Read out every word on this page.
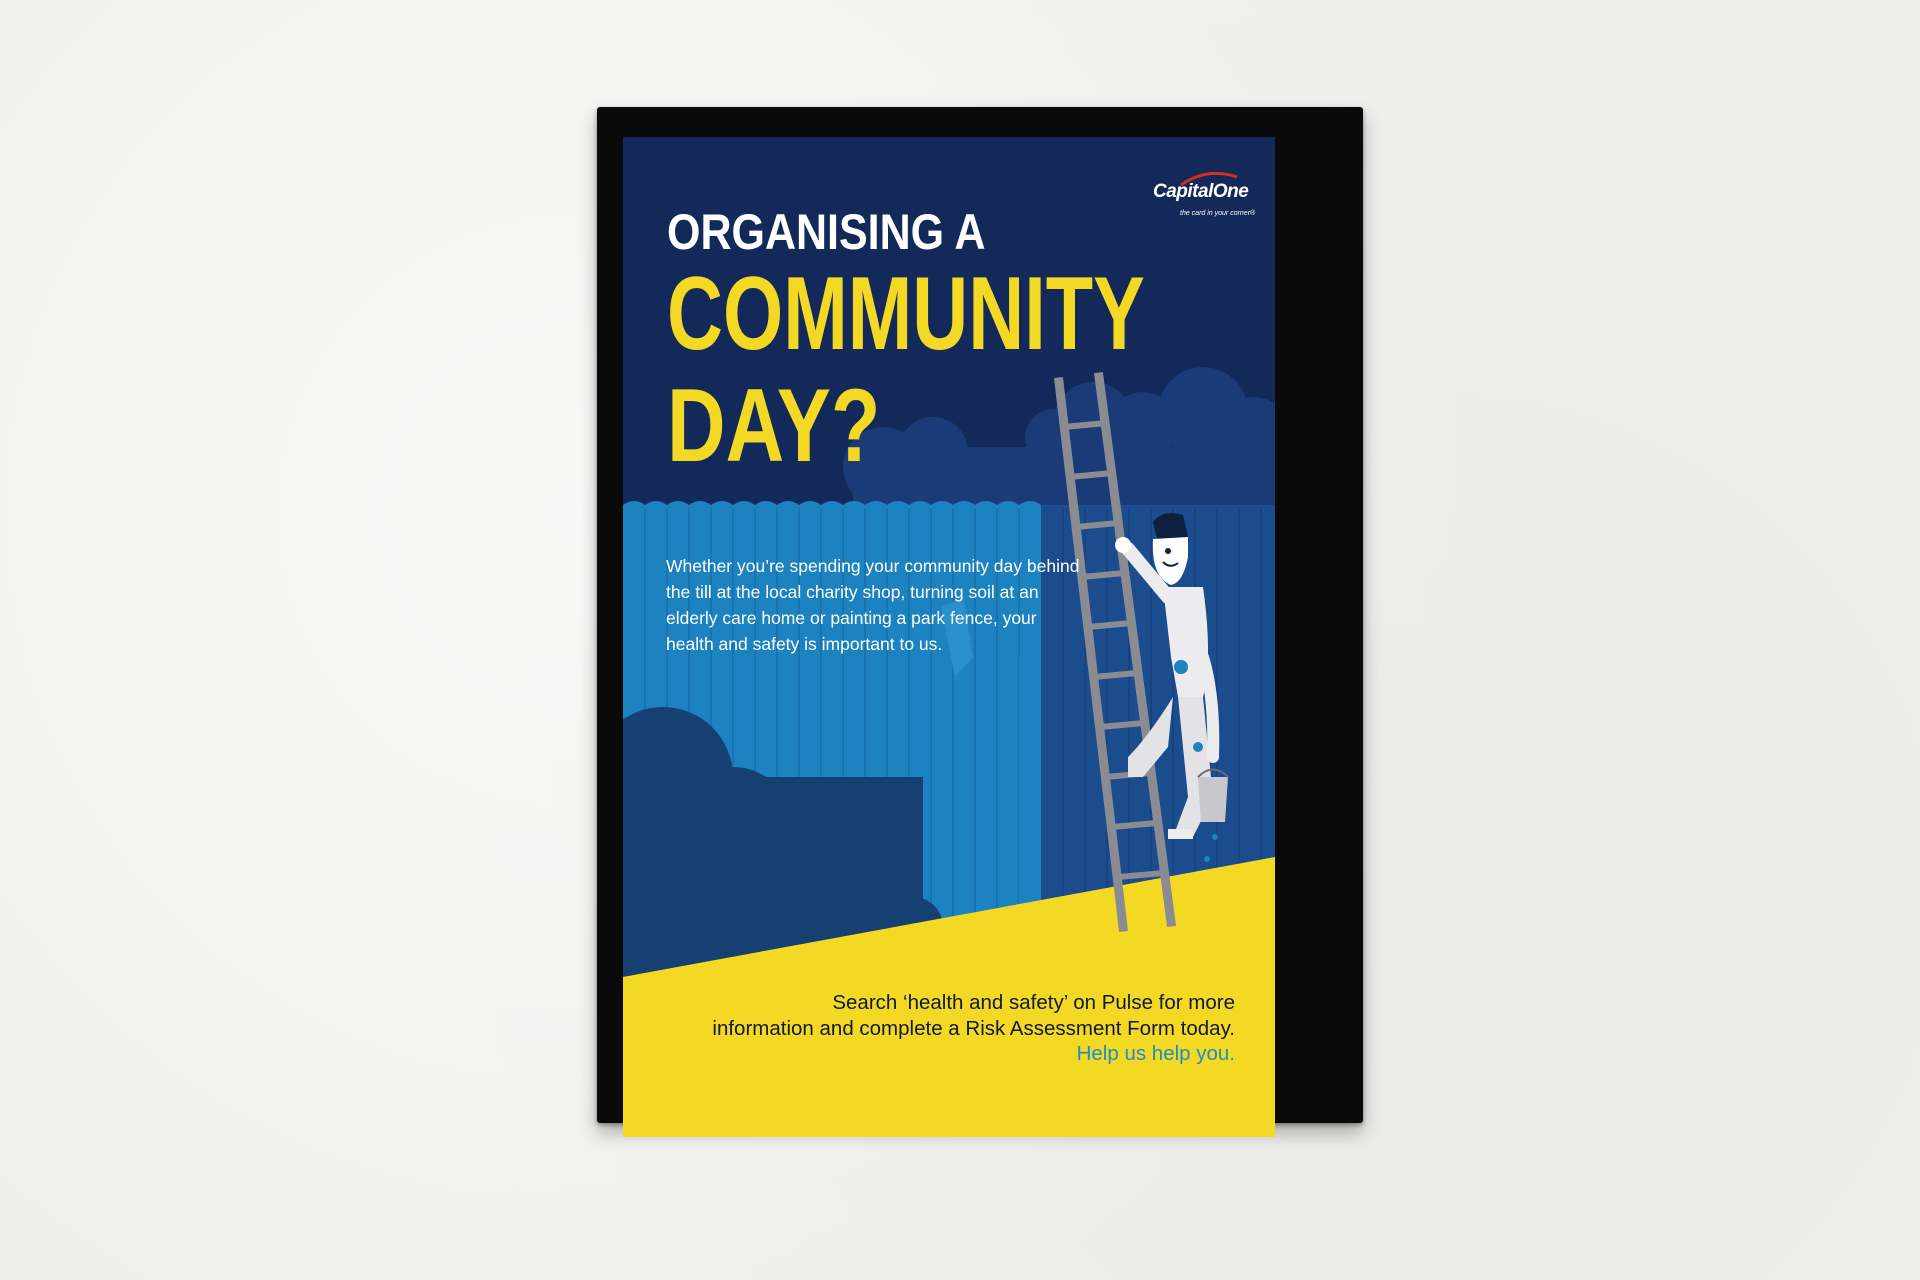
ORGANISING A
COMMUNITY
DAY?
CapitalOne
the card in your corner®

Whether you’re spending your community day behind the till at the local charity shop, turning soil at an elderly care home or painting a park fence, your health and safety is important to us.

Search ‘health and safety’ on Pulse for more
information and complete a Risk Assessment Form today.
Help us help you.
